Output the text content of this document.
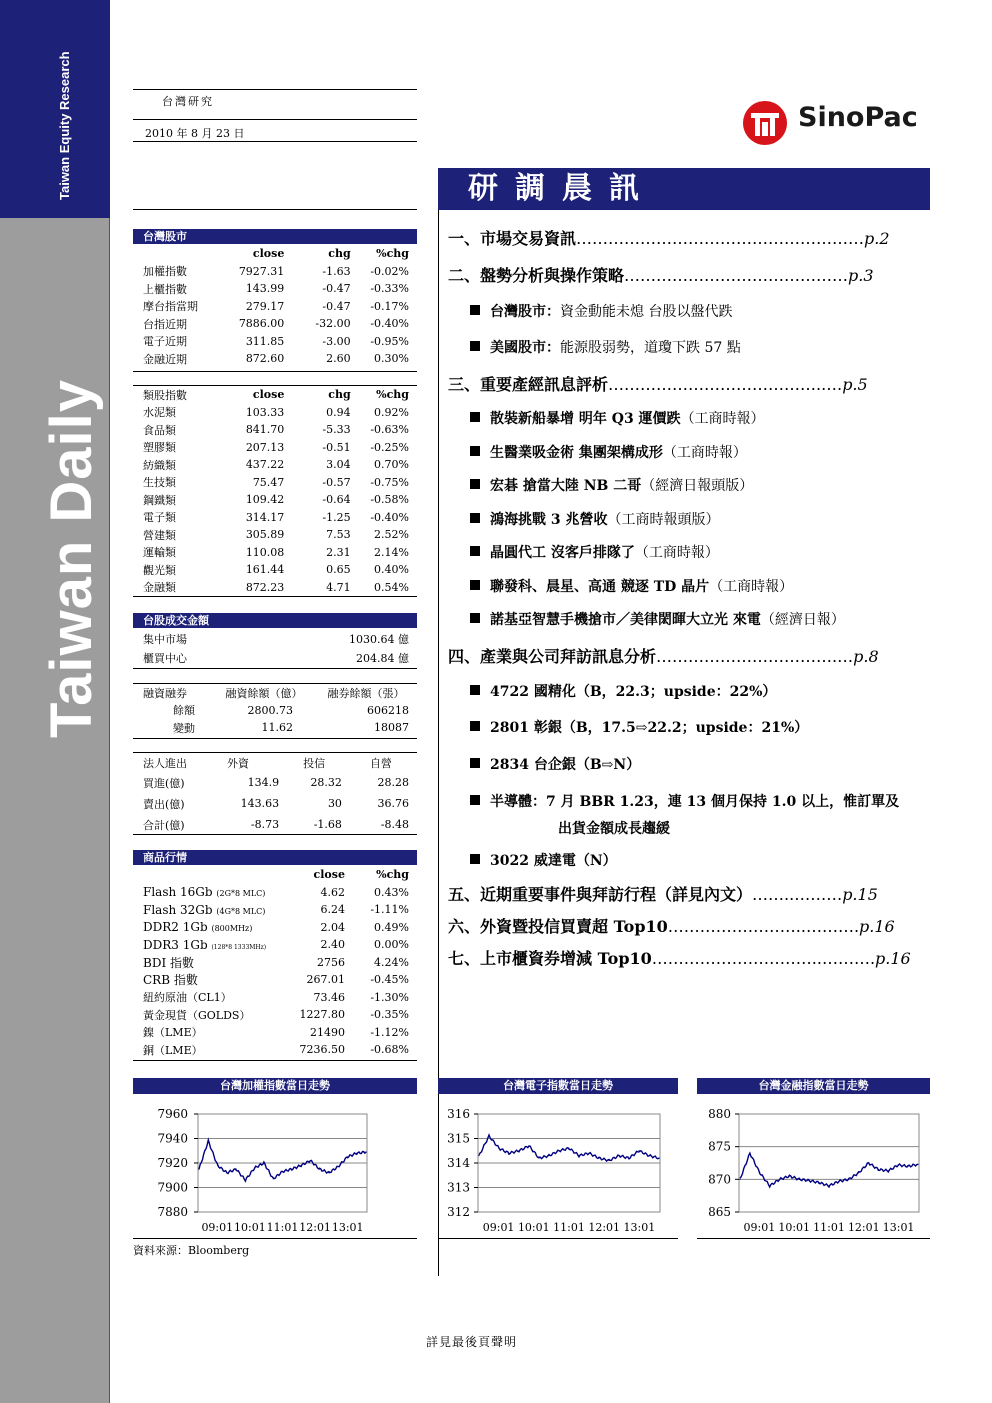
Taiwan Equity Research
Taiwan Daily
台灣研究
2010 年 8 月 23 日
SinoPac
研調晨訊
台灣股市
	close	chg	%chg
加權指數	7927.31	-1.63	-0.02%
上櫃指數	143.99	-0.47	-0.33%
摩台指當期	279.17	-0.47	-0.17%
台指近期	7886.00	-32.00	-0.40%
電子近期	311.85	-3.00	-0.95%
金融近期	872.60	2.60	0.30%
類股指數	close	chg	%chg
水泥類	103.33	0.94	0.92%
食品類	841.70	-5.33	-0.63%
塑膠類	207.13	-0.51	-0.25%
紡織類	437.22	3.04	0.70%
生技類	75.47	-0.57	-0.75%
鋼鐵類	109.42	-0.64	-0.58%
電子類	314.17	-1.25	-0.40%
營建類	305.89	7.53	2.52%
運輸類	110.08	2.31	2.14%
觀光類	161.44	0.65	0.40%
金融類	872.23	4.71	0.54%
台股成交金額
集中市場	1030.64 億
櫃買中心	204.84 億
融資融券	融資餘額（億）	融券餘額（張）
餘額	2800.73	606218
變動	11.62	18087
法人進出	外資	投信	自營
買進(億)	134.9	28.32	28.28
賣出(億)	143.63	30	36.76
合計(億)	-8.73	-1.68	-8.48
商品行情
	close	%chg
Flash 16Gb (2G*8 MLC)	4.62	0.43%
Flash 32Gb (4G*8 MLC)	6.24	-1.11%
DDR2 1Gb (800MHz)	2.04	0.49%
DDR3 1Gb (128*8 1333MHz)	2.40	0.00%
BDI 指數	2756	4.24%
CRB 指數	267.01	-0.45%
紐約原油（CL1）	73.46	-1.30%
黃金現貨（GOLDS）	1227.80	-0.35%
鎳（LME）	21490	-1.12%
銅（LME）	7236.50	-0.68%
一、市場交易資訊………………………………………………p.2
二、盤勢分析與操作策略……………………………………p.3
台灣股市：資金動能未熄 台股以盤代跌
美國股市：能源股弱勢，道瓊下跌 57 點
三、重要產經訊息評析…………………………………..…p.5
散裝新船暴增 明年 Q3 運價跌（工商時報）
生醫業吸金術 集團架構成形（工商時報）
宏碁 搶當大陸 NB 二哥（經濟日報頭版）
鴻海挑戰 3 兆營收（工商時報頭版）
晶圓代工 沒客戶排隊了（工商時報）
聯發科、晨星、高通 競逐 TD 晶片（工商時報）
諾基亞智慧手機搶市／美律閎暉大立光 來電（經濟日報）
四、產業與公司拜訪訊息分析…………………………….…p.8
4722 國精化（B，22.3；upside：22%）
2801 彰銀（B，17.5⇨22.2；upside：21%）
2834 台企銀（B⇨N）
半導體：7 月 BBR 1.23，連 13 個月保持 1.0 以上，惟訂單及
出貨金額成長趨緩
3022 威達電（N）
五、近期重要事件與拜訪行程（詳見內文）……..………p.15
六、外資暨投信買賣超 Top10……………………..……….p.16
七、上市櫃資券增減 Top10…………………………..……….p.16
台灣加權指數當日走勢
7880
7900
7920
7940
7960
09:01 10:01 11:01 12:01 13:01
台灣電子指數當日走勢
312
313
314
315
316
09:01 10:01 11:01 12:01 13:01
台灣金融指數當日走勢
865
870
875
880
09:01 10:01 11:01 12:01 13:01
資料來源：Bloomberg
詳見最後頁聲明
